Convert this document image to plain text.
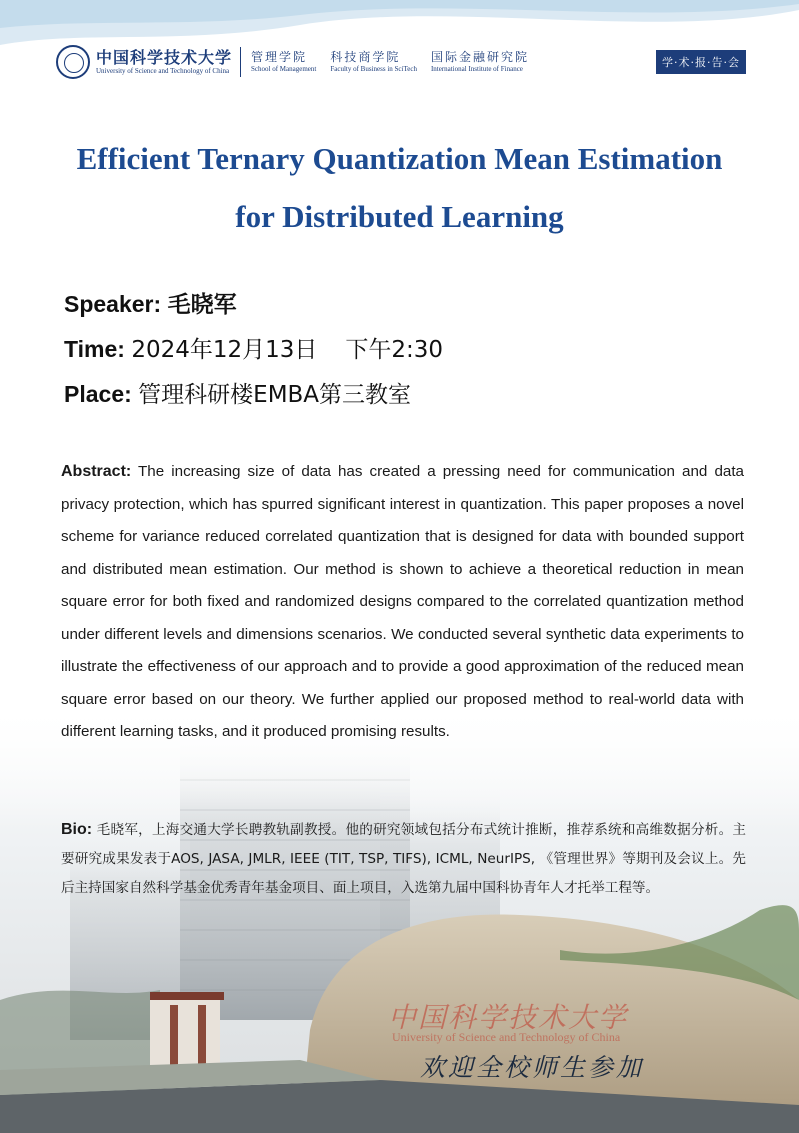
中国科学技术大学
University of Science and Technology of China
管理学院
School of Management
科技商学院
Faculty of Business in SciTech
国际金融研究院
International Institute of Finance	学·术·报·告·会
Efficient Ternary Quantization Mean Estimation
for Distributed Learning
Speaker: 毛晓军
Time: 2024年12月13日 下午2:30
Place: 管理科研楼EMBA第三教室
Abstract: The increasing size of data has created a pressing need for communication and data privacy protection, which has spurred significant interest in quantization. This paper proposes a novel scheme for variance reduced correlated quantization that is designed for data with bounded support and distributed mean estimation. Our method is shown to achieve a theoretical reduction in mean square error for both fixed and randomized designs compared to the correlated quantization method under different levels and dimensions scenarios. We conducted several synthetic data experiments to illustrate the effectiveness of our approach and to provide a good approximation of the reduced mean square error based on our theory. We further applied our proposed method to real-world data with different learning tasks, and it produced promising results.
Bio: 毛晓军，上海交通大学长聘教轨副教授。他的研究领域包括分布式统计推断，推荐系统和高维数据分析。主要研究成果发表于AOS, JASA, JMLR, IEEE (TIT, TSP, TIFS), ICML, NeurIPS, 《管理世界》等期刊及会议上。先后主持国家自然科学基金优秀青年基金项目、面上项目，入选第九届中国科协青年人才托举工程等。
中国科学技术大学
University of Science and Technology of China
欢迎全校师生参加
